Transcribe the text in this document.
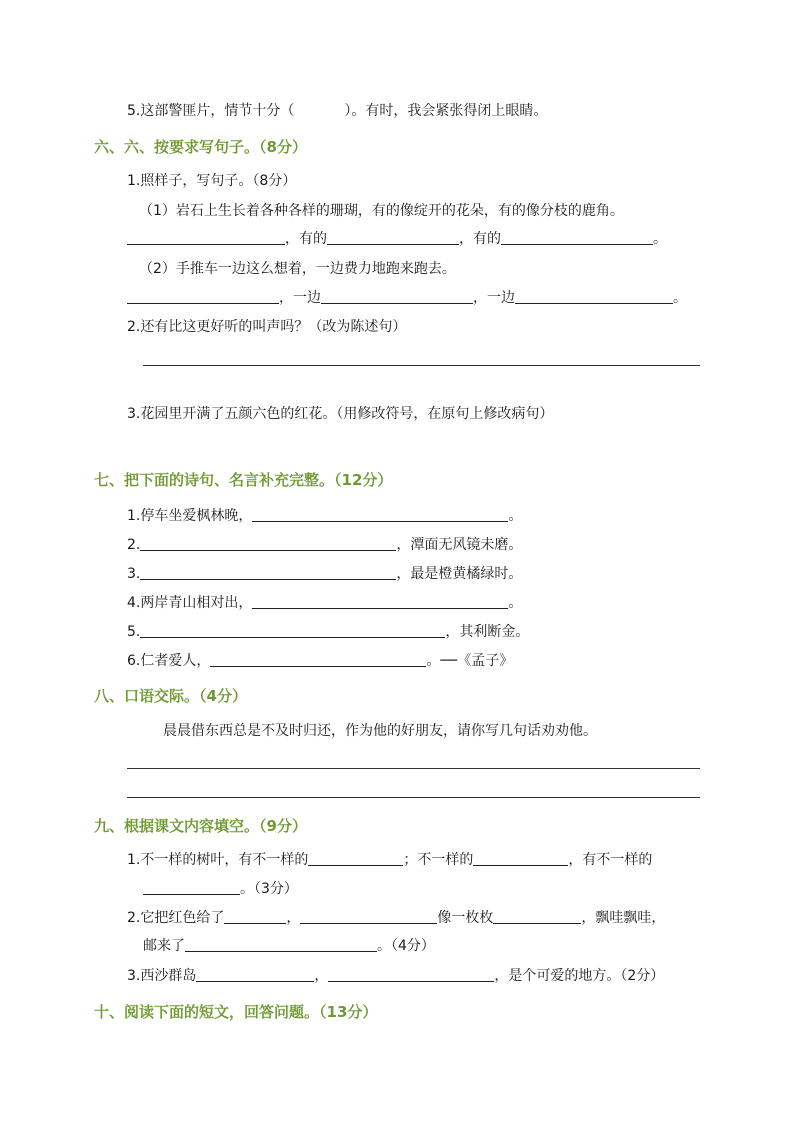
5.这部警匪片，情节十分（	）。有时，我会紧张得闭上眼睛。
六、六、按要求写句子。（8分）
1.照样子，写句子。（8分）
（1）岩石上生长着各种各样的珊瑚，有的像绽开的花朵，有的像分枝的鹿角。
，有的	，有的	。
（2）手推车一边这么想着，一边费力地跑来跑去。
，一边	，一边	。
2.还有比这更好听的叫声吗？（改为陈述句）
3.花园里开满了五颜六色的红花。（用修改符号，在原句上修改病句）
七、把下面的诗句、名言补充完整。（12分）
1.停车坐爱枫林晚，	。
2.	，潭面无风镜未磨。
3.	，最是橙黄橘绿时。
4.两岸青山相对出，	。
5.	，其利断金。
6.仁者爱人，	。──《孟子》
八、口语交际。（4分）
晨晨借东西总是不及时归还，作为他的好朋友，请你写几句话劝劝他。
九、根据课文内容填空。（9分）
1.不一样的树叶，有不一样的	；不一样的	，有不一样的
。（3分）
2.它把红色给了	，	像一枚枚	，飘哇飘哇，
邮来了	。（4分）
3.西沙群岛	，	，是个可爱的地方。（2分）
十、阅读下面的短文，回答问题。（13分）
